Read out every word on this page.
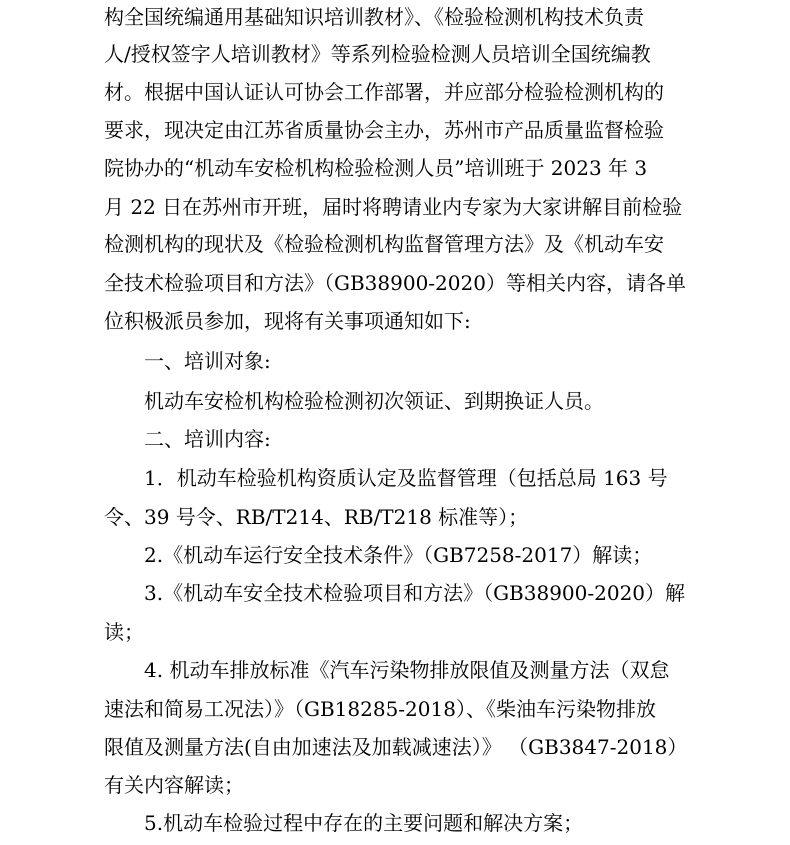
构全国统编通用基础知识培训教材》、《检验检测机构技术负责
人/授权签字人培训教材》等系列检验检测人员培训全国统编教
材。根据中国认证认可协会工作部署，并应部分检验检测机构的
要求，现决定由江苏省质量协会主办，苏州市产品质量监督检验
院协办的“机动车安检机构检验检测人员”培训班于 2023 年 3
月 22 日在苏州市开班，届时将聘请业内专家为大家讲解目前检验
检测机构的现状及《检验检测机构监督管理方法》及《机动车安
全技术检验项目和方法》（GB38900-2020）等相关内容，请各单
位积极派员参加，现将有关事项通知如下:
一、培训对象:
机动车安检机构检验检测初次领证、到期换证人员。
二、培训内容:
1．机动车检验机构资质认定及监督管理（包括总局 163 号
令、39 号令、RB/T214、RB/T218 标准等）；
2.《机动车运行安全技术条件》（GB7258-2017）解读；
3.《机动车安全技术检验项目和方法》（GB38900-2020）解
读；
4. 机动车排放标准《汽车污染物排放限值及测量方法（双怠
速法和简易工况法）》（GB18285-2018）、《柴油车污染物排放
限值及测量方法(自由加速法及加载减速法）》 （GB3847-2018）
有关内容解读；
5.机动车检验过程中存在的主要问题和解决方案；
